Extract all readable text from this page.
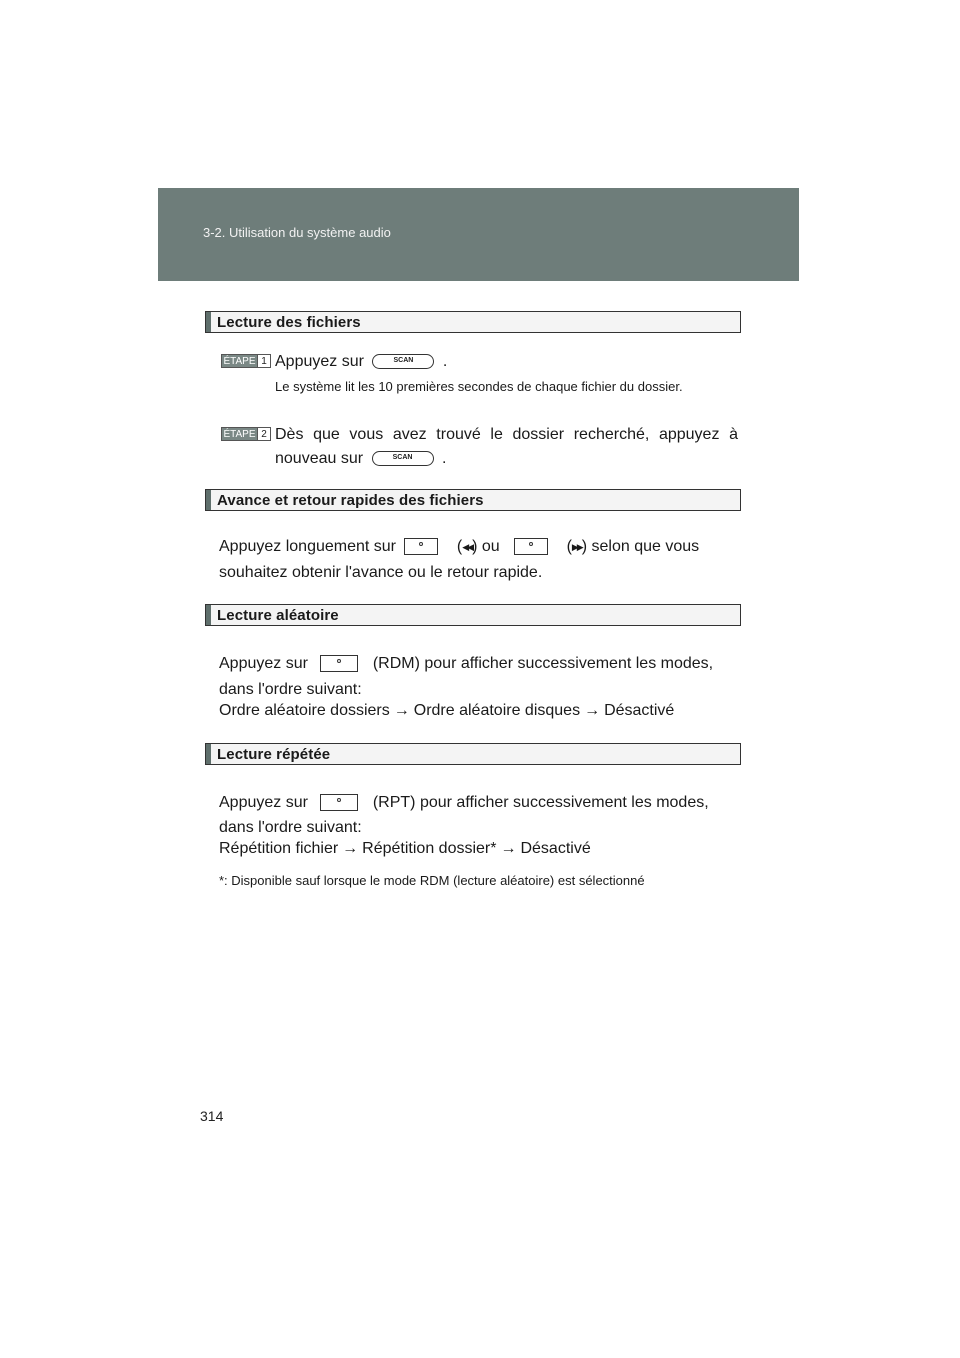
3-2. Utilisation du système audio
Lecture des fichiers
ÉTAPE 1 Appuyez sur	SCAN .
Le système lit les 10 premières secondes de chaque fichier du dossier.
ÉTAPE 2 Dès que vous avez trouvé le dossier recherché, appuyez à
nouveau sur	SCAN .
Avance et retour rapides des fichiers
Appuyez longuement sur	(◀◀) ou	(▶▶) selon que vous
souhaitez obtenir l'avance ou le retour rapide.
Lecture aléatoire
Appuyez sur	(RDM) pour afficher successivement les modes,
dans l'ordre suivant:
Ordre aléatoire dossiers → Ordre aléatoire disques → Désactivé
Lecture répétée
Appuyez sur	(RPT) pour afficher successivement les modes,
dans l'ordre suivant:
Répétition fichier → Répétition dossier* → Désactivé
*: Disponible sauf lorsque le mode RDM (lecture aléatoire) est sélectionné
314
